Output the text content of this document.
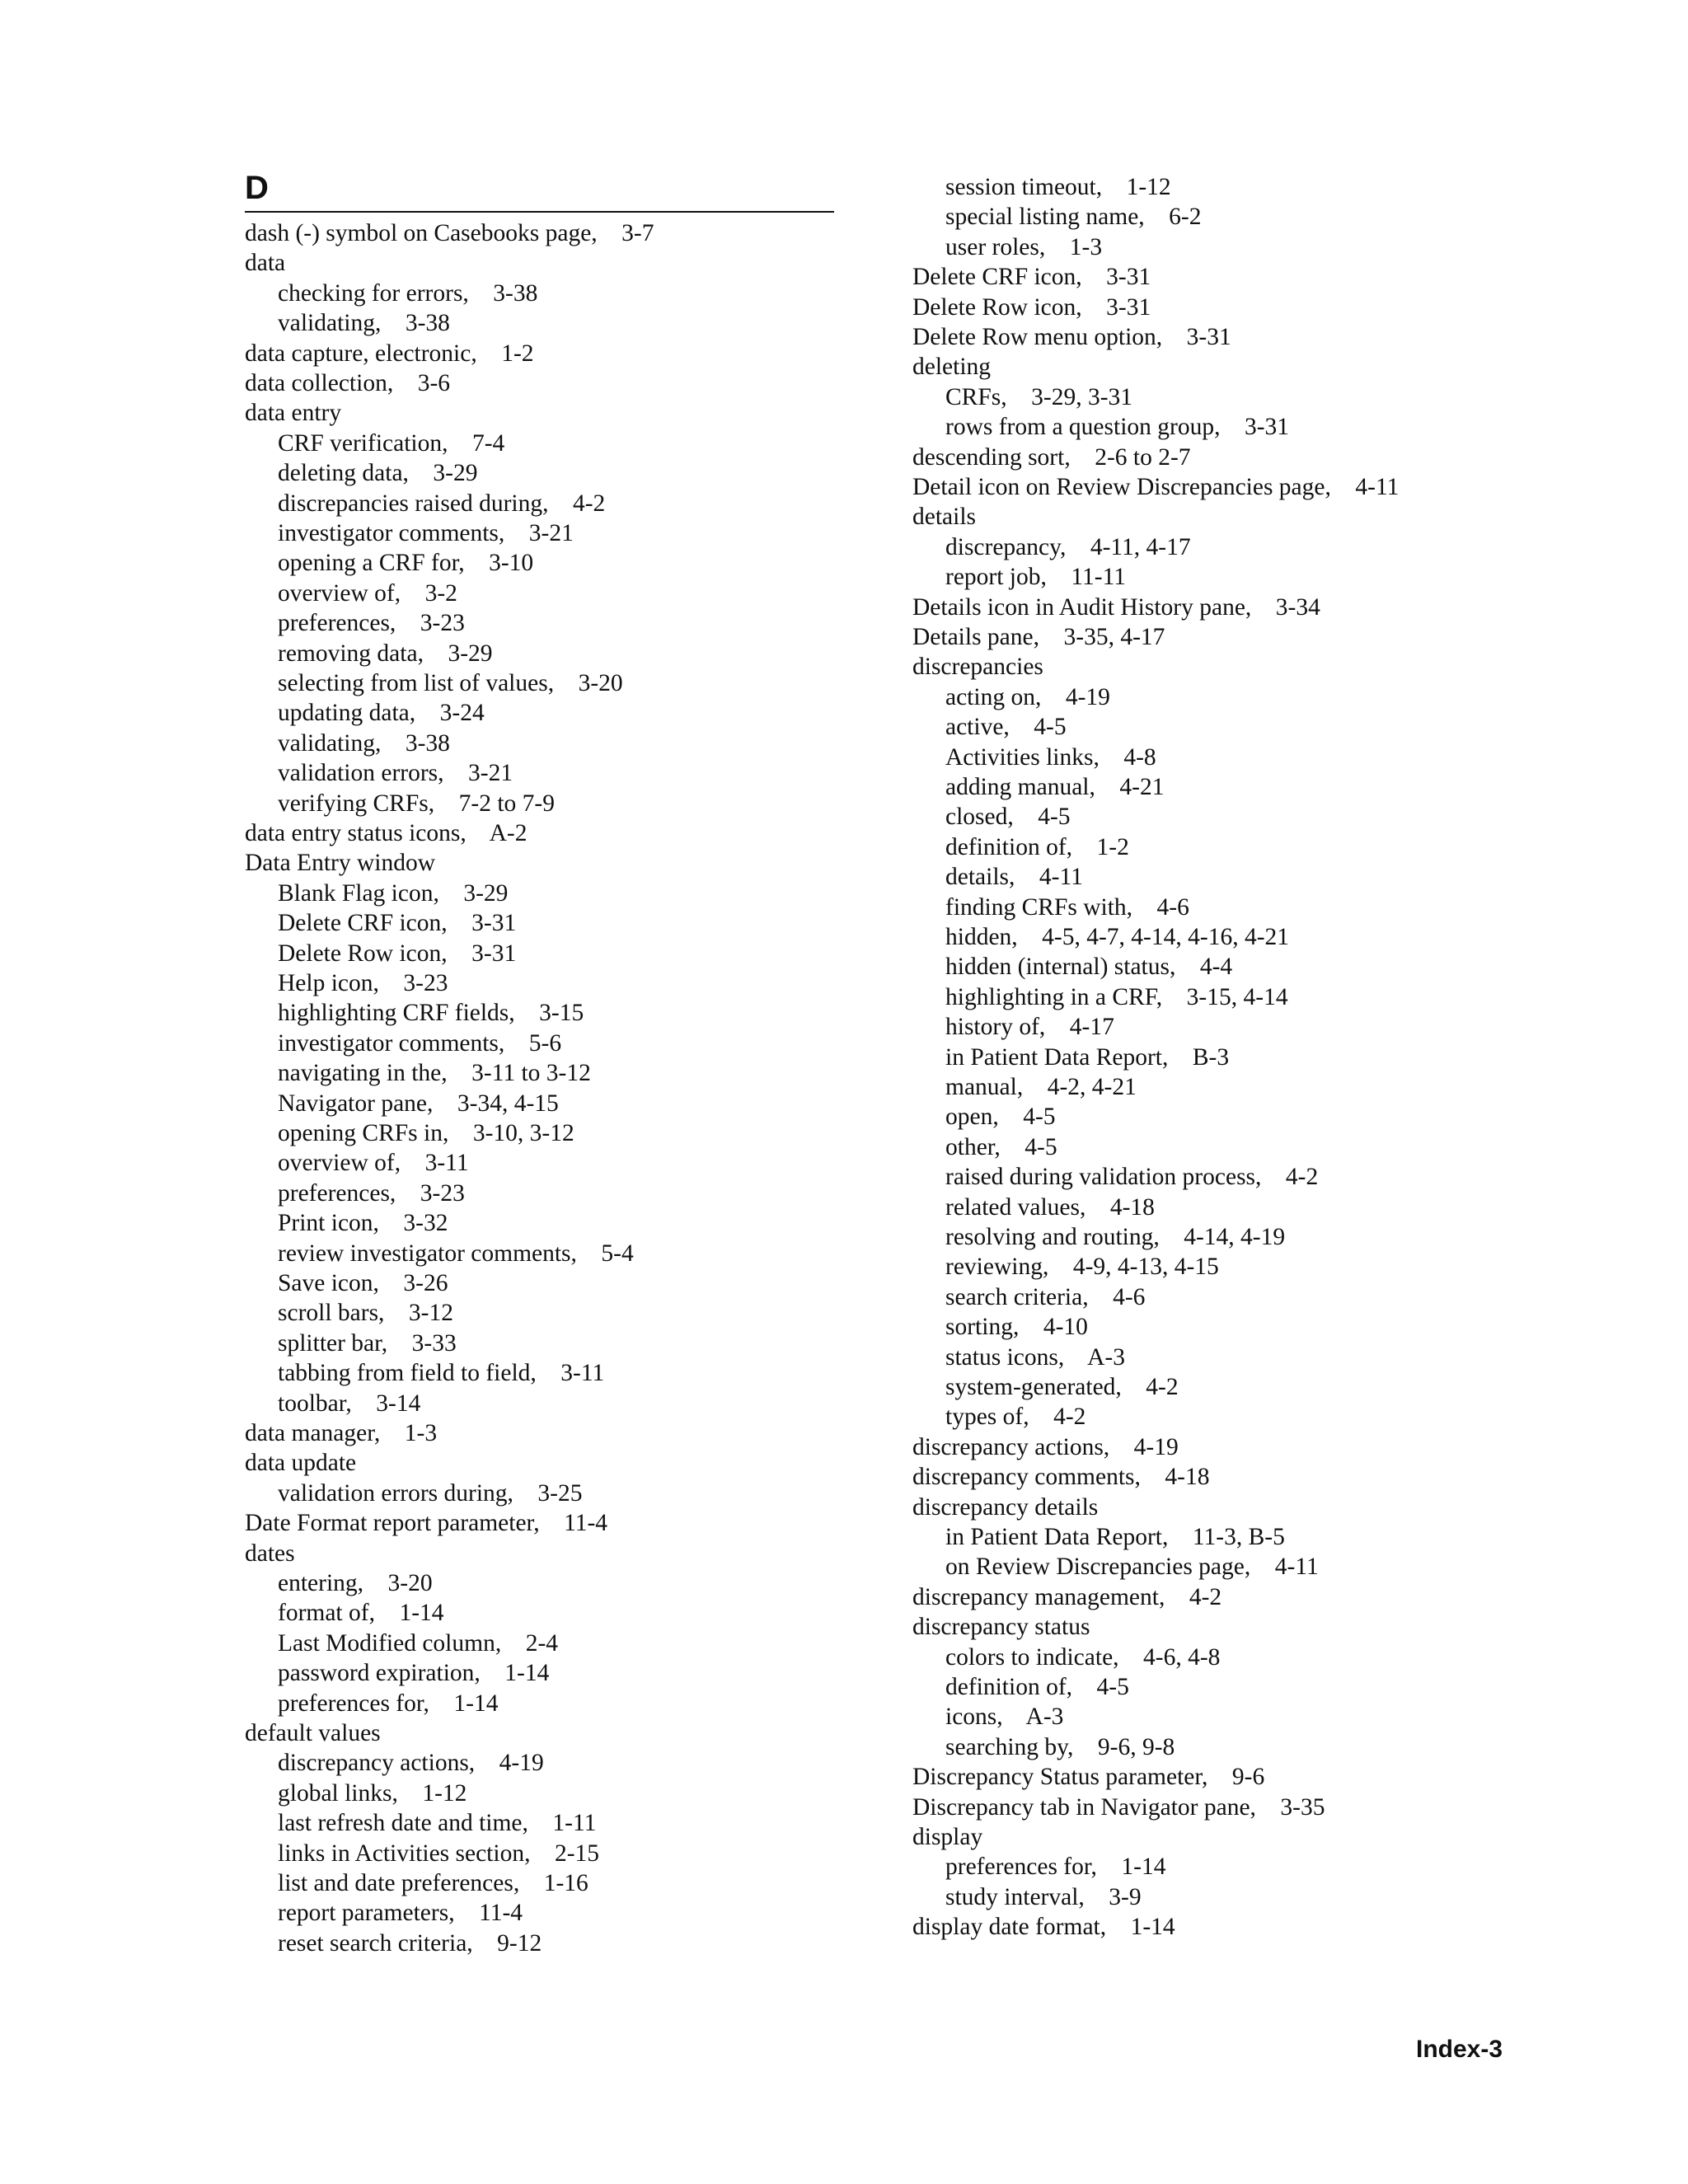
D
dash (-) symbol on Casebooks page,    3-7
data
checking for errors,    3-38
validating,    3-38
data capture, electronic,    1-2
data collection,    3-6
data entry
CRF verification,    7-4
deleting data,    3-29
discrepancies raised during,    4-2
investigator comments,    3-21
opening a CRF for,    3-10
overview of,    3-2
preferences,    3-23
removing data,    3-29
selecting from list of values,    3-20
updating data,    3-24
validating,    3-38
validation errors,    3-21
verifying CRFs,    7-2 to 7-9
data entry status icons,    A-2
Data Entry window
Blank Flag icon,    3-29
Delete CRF icon,    3-31
Delete Row icon,    3-31
Help icon,    3-23
highlighting CRF fields,    3-15
investigator comments,    5-6
navigating in the,    3-11 to 3-12
Navigator pane,    3-34, 4-15
opening CRFs in,    3-10, 3-12
overview of,    3-11
preferences,    3-23
Print icon,    3-32
review investigator comments,    5-4
Save icon,    3-26
scroll bars,    3-12
splitter bar,    3-33
tabbing from field to field,    3-11
toolbar,    3-14
data manager,    1-3
data update
validation errors during,    3-25
Date Format report parameter,    11-4
dates
entering,    3-20
format of,    1-14
Last Modified column,    2-4
password expiration,    1-14
preferences for,    1-14
default values
discrepancy actions,    4-19
global links,    1-12
last refresh date and time,    1-11
links in Activities section,    2-15
list and date preferences,    1-16
report parameters,    11-4
reset search criteria,    9-12
session timeout,    1-12
special listing name,    6-2
user roles,    1-3
Delete CRF icon,    3-31
Delete Row icon,    3-31
Delete Row menu option,    3-31
deleting
CRFs,    3-29, 3-31
rows from a question group,    3-31
descending sort,    2-6 to 2-7
Detail icon on Review Discrepancies page,    4-11
details
discrepancy,    4-11, 4-17
report job,    11-11
Details icon in Audit History pane,    3-34
Details pane,    3-35, 4-17
discrepancies
acting on,    4-19
active,    4-5
Activities links,    4-8
adding manual,    4-21
closed,    4-5
definition of,    1-2
details,    4-11
finding CRFs with,    4-6
hidden,    4-5, 4-7, 4-14, 4-16, 4-21
hidden (internal) status,    4-4
highlighting in a CRF,    3-15, 4-14
history of,    4-17
in Patient Data Report,    B-3
manual,    4-2, 4-21
open,    4-5
other,    4-5
raised during validation process,    4-2
related values,    4-18
resolving and routing,    4-14, 4-19
reviewing,    4-9, 4-13, 4-15
search criteria,    4-6
sorting,    4-10
status icons,    A-3
system-generated,    4-2
types of,    4-2
discrepancy actions,    4-19
discrepancy comments,    4-18
discrepancy details
in Patient Data Report,    11-3, B-5
on Review Discrepancies page,    4-11
discrepancy management,    4-2
discrepancy status
colors to indicate,    4-6, 4-8
definition of,    4-5
icons,    A-3
searching by,    9-6, 9-8
Discrepancy Status parameter,    9-6
Discrepancy tab in Navigator pane,    3-35
display
preferences for,    1-14
study interval,    3-9
display date format,    1-14
Index-3
